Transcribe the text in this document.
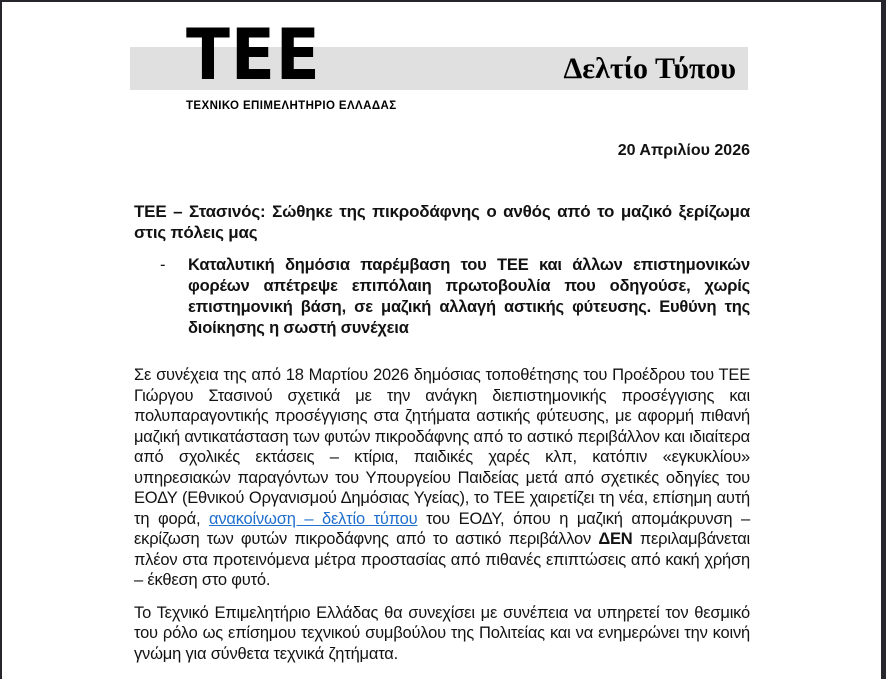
Δελτίο Τύπου
TEE
ΤΕΧΝΙΚΟ ΕΠΙΜΕΛΗΤΗΡΙΟ ΕΛΛΑΔΑΣ
20 Απριλίου 2026
ΤΕΕ – Στασινός: Σώθηκε της πικροδάφνης ο ανθός από το μαζικό ξερίζωμα στις πόλεις μας
-	Καταλυτική δημόσια παρέμβαση του ΤΕΕ και άλλων επιστημονικών φορέων απέτρεψε επιπόλαιη πρωτοβουλία που οδηγούσε, χωρίς επιστημονική βάση, σε μαζική αλλαγή αστικής φύτευσης. Ευθύνη της διοίκησης η σωστή συνέχεια
Σε συνέχεια της από 18 Μαρτίου 2026 δημόσιας τοποθέτησης του Προέδρου του ΤΕΕ Γιώργου Στασινού σχετικά με την ανάγκη διεπιστημονικής προσέγγισης και πολυπαραγοντικής προσέγγισης στα ζητήματα αστικής φύτευσης, με αφορμή πιθανή μαζική αντικατάσταση των φυτών πικροδάφνης από το αστικό περιβάλλον και ιδιαίτερα από σχολικές εκτάσεις – κτίρια, παιδικές χαρές κλπ, κατόπιν «εγκυκλίου» υπηρεσιακών παραγόντων του Υπουργείου Παιδείας μετά από σχετικές οδηγίες του ΕΟΔΥ (Εθνικού Οργανισμού Δημόσιας Υγείας), το ΤΕΕ χαιρετίζει τη νέα, επίσημη αυτή τη φορά, ανακοίνωση – δελτίο τύπου του ΕΟΔΥ, όπου η μαζική απομάκρυνση – εκρίζωση των φυτών πικροδάφνης από το αστικό περιβάλλον ΔΕΝ περιλαμβάνεται πλέον στα προτεινόμενα μέτρα προστασίας από πιθανές επιπτώσεις από κακή χρήση – έκθεση στο φυτό.
Το Τεχνικό Επιμελητήριο Ελλάδας θα συνεχίσει με συνέπεια να υπηρετεί τον θεσμικό του ρόλο ως επίσημου τεχνικού συμβούλου της Πολιτείας και να ενημερώνει την κοινή γνώμη για σύνθετα τεχνικά ζητήματα.
